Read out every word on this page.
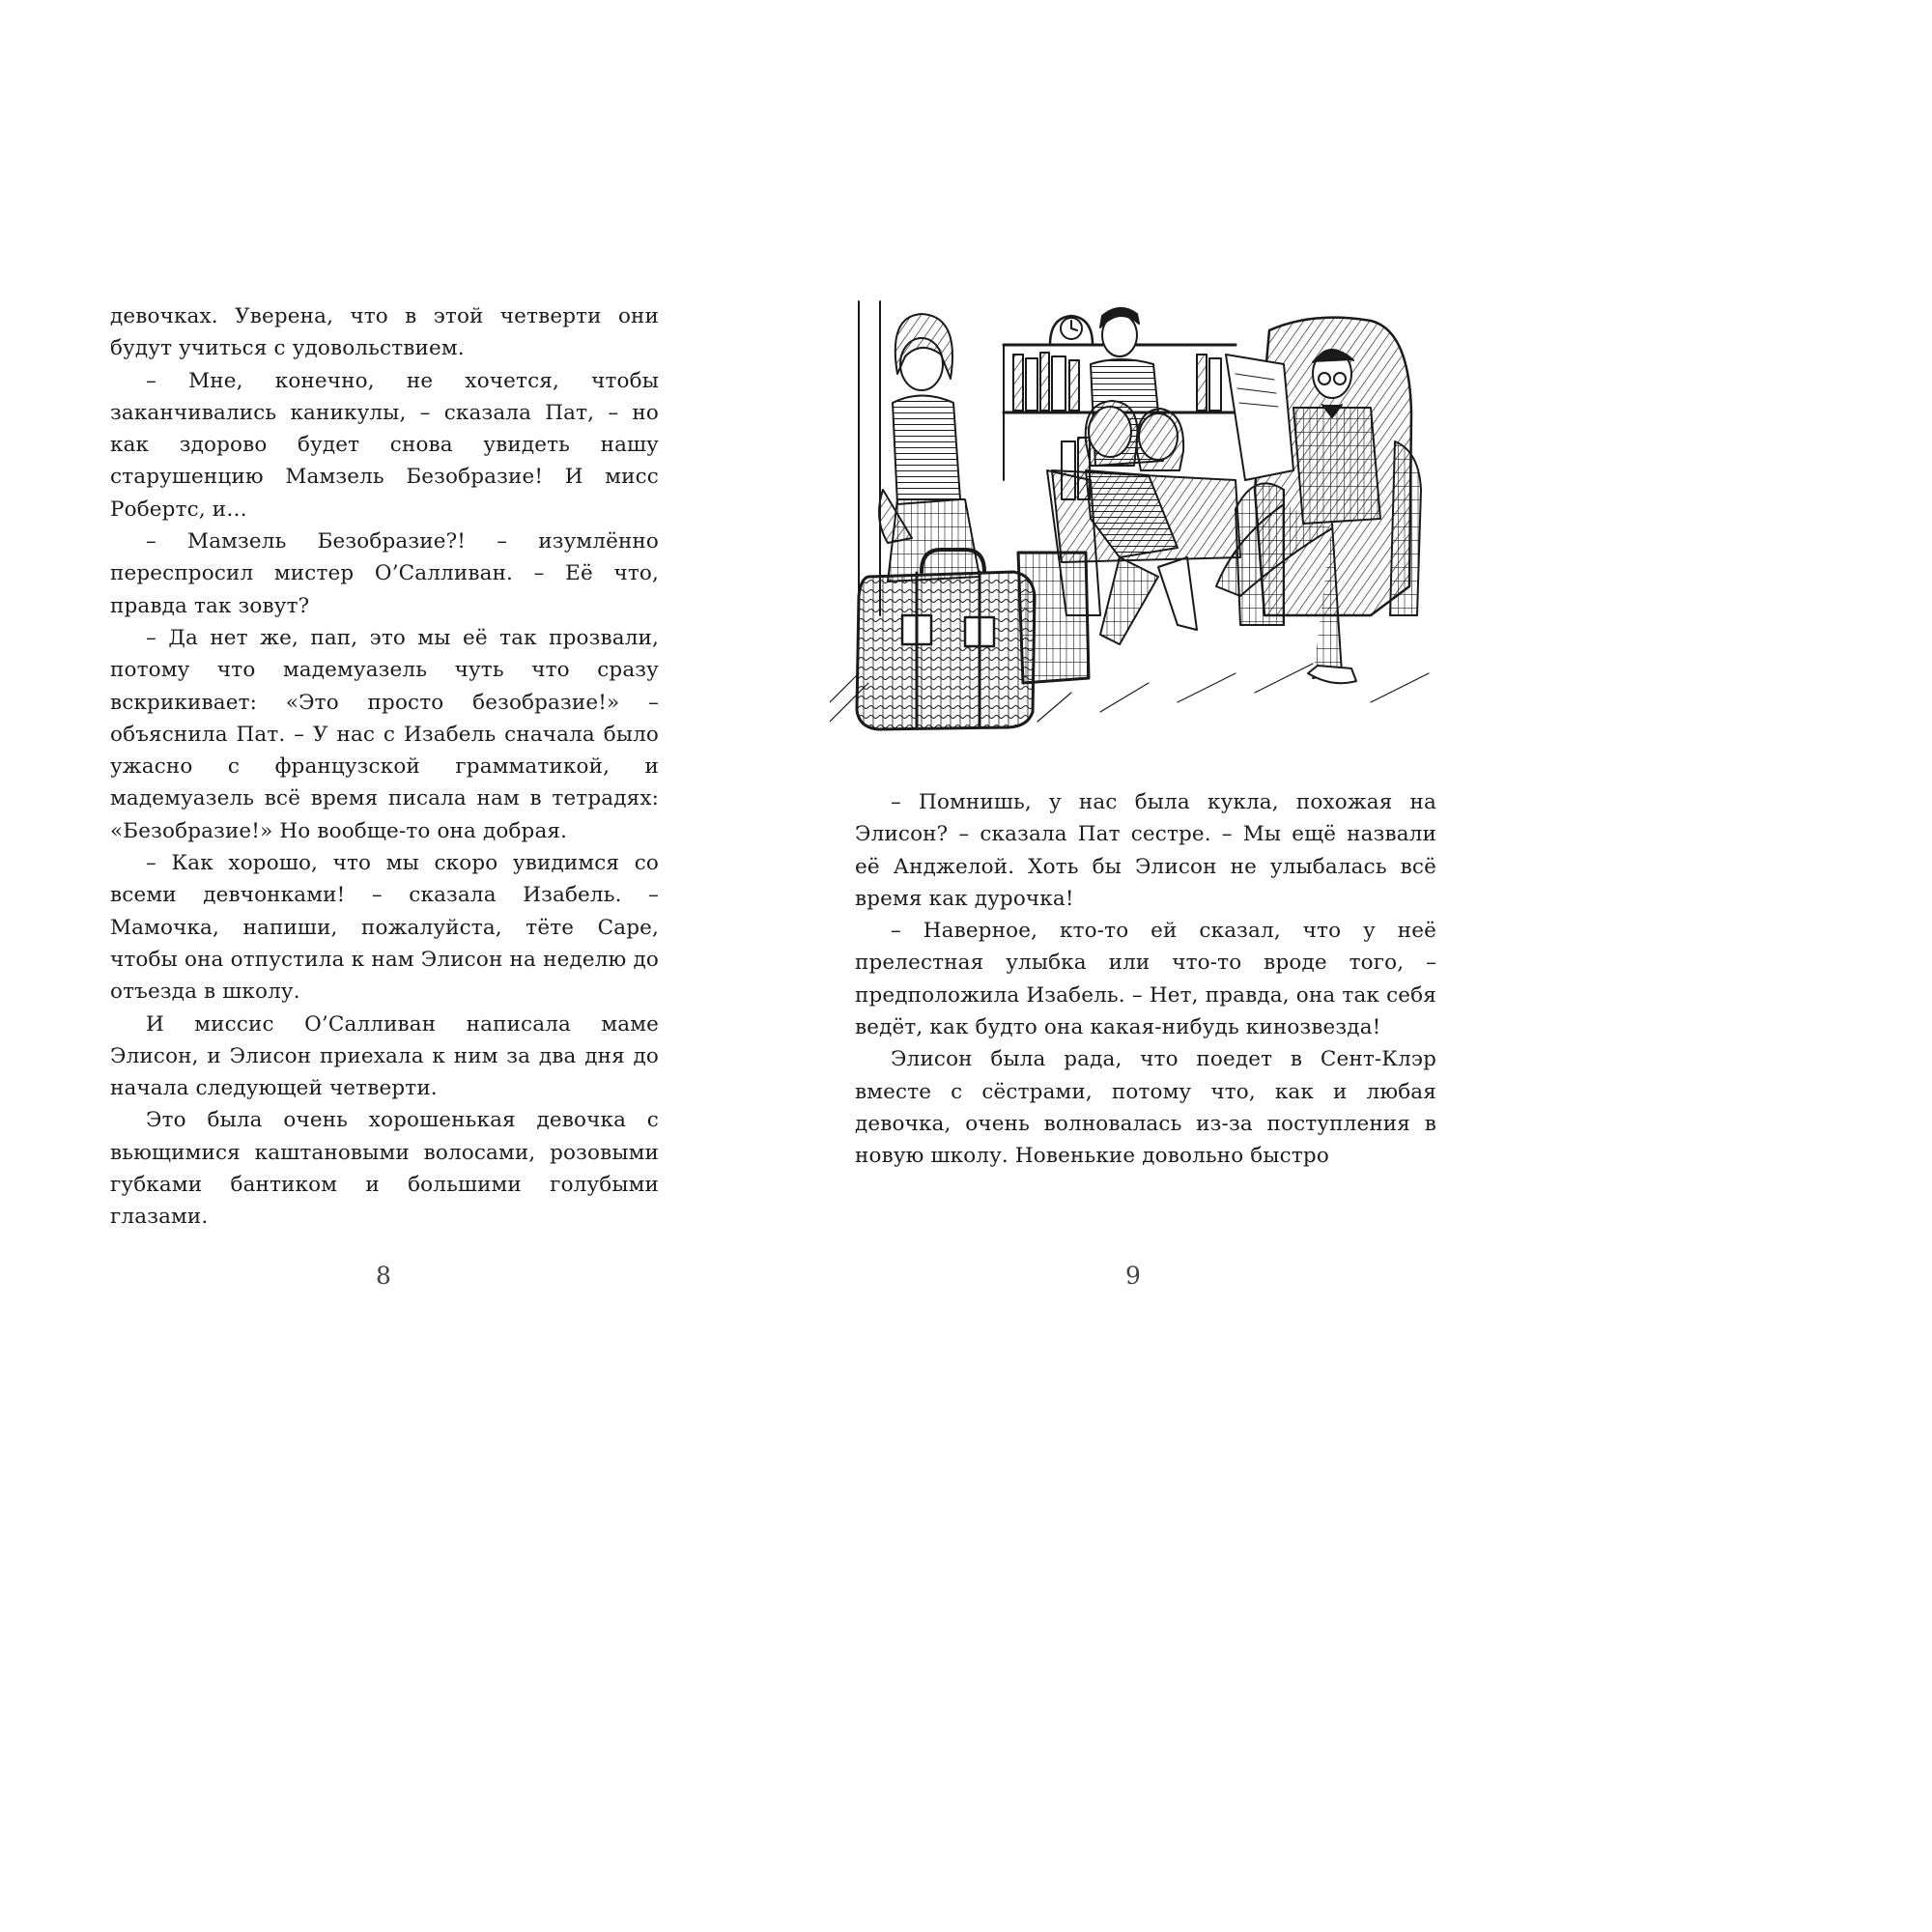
девочках. Уверена, что в этой четверти они будут учиться с удовольствием.

– Мне, конечно, не хочется, чтобы заканчивались каникулы, – сказала Пат, – но как здорово будет снова увидеть нашу старушенцию Мамзель Безобразие! И мисс Робертс, и…

– Мамзель Безобразие?! – изумлённо переспросил мистер О’Салливан. – Её что, правда так зовут?

– Да нет же, пап, это мы её так прозвали, потому что мадемуазель чуть что сразу вскрикивает: «Это просто безобразие!» – объяснила Пат. – У нас с Изабель сначала было ужасно с французской грамматикой, и мадемуазель всё время писала нам в тетрадях: «Безобразие!» Но вообще-то она добрая.

– Как хорошо, что мы скоро увидимся со всеми девчонками! – сказала Изабель. – Мамочка, напиши, пожалуйста, тёте Саре, чтобы она отпустила к нам Элисон на неделю до отъезда в школу.

И миссис О’Салливан написала маме Элисон, и Элисон приехала к ним за два дня до начала следующей четверти.

Это была очень хорошенькая девочка с вьющимися каштановыми волосами, розовыми губками бантиком и большими голубыми глазами.

8

– Помнишь, у нас была кукла, похожая на Элисон? – сказала Пат сестре. – Мы ещё назвали её Анджелой. Хоть бы Элисон не улыбалась всё время как дурочка!

– Наверное, кто-то ей сказал, что у неё прелестная улыбка или что-то вроде того, – предположила Изабель. – Нет, правда, она так себя ведёт, как будто она какая-нибудь кинозвезда!

Элисон была рада, что поедет в Сент-Клэр вместе с сёстрами, потому что, как и любая девочка, очень волновалась из-за поступления в новую школу. Новенькие довольно быстро

9
